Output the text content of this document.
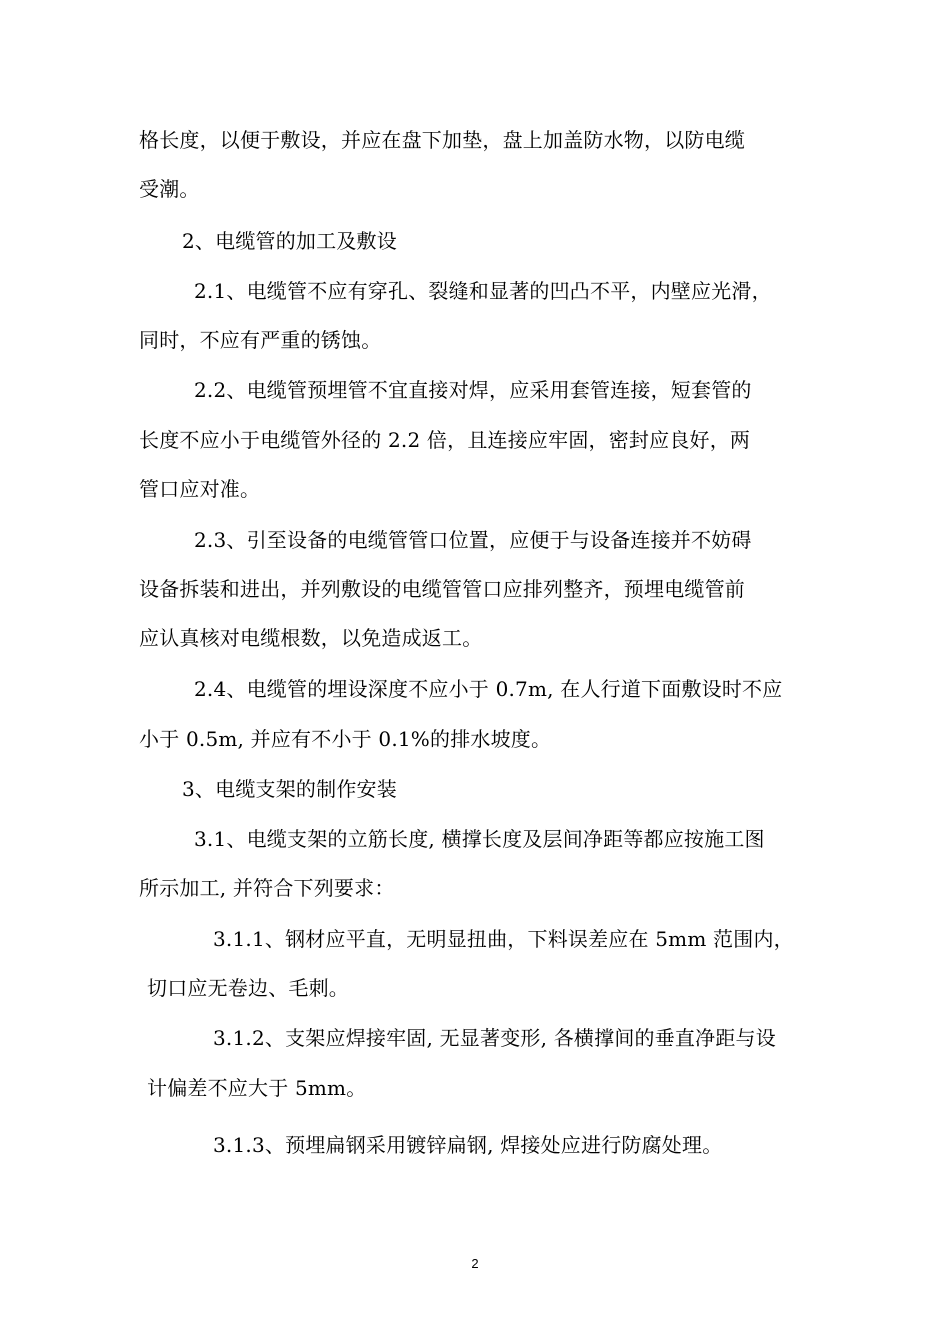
格长度，以便于敷设，并应在盘下加垫，盘上加盖防水物，以防电缆
受潮。
2、电缆管的加工及敷设
2.1、电缆管不应有穿孔、裂缝和显著的凹凸不平，内壁应光滑，
同时，不应有严重的锈蚀。
2.2、电缆管预埋管不宜直接对焊，应采用套管连接，短套管的
长度不应小于电缆管外径的 2.2 倍，且连接应牢固，密封应良好，两
管口应对准。
2.3、引至设备的电缆管管口位置，应便于与设备连接并不妨碍
设备拆装和进出，并列敷设的电缆管管口应排列整齐，预埋电缆管前
应认真核对电缆根数，以免造成返工。
2.4、电缆管的埋设深度不应小于 0.7m, 在人行道下面敷设时不应
小于 0.5m, 并应有不小于 0.1%的排水坡度。
3、电缆支架的制作安装
3.1、电缆支架的立筋长度, 横撑长度及层间净距等都应按施工图
所示加工, 并符合下列要求：
3.1.1、钢材应平直，无明显扭曲，下料误差应在 5mm 范围内，
切口应无卷边、毛刺。
3.1.2、支架应焊接牢固, 无显著变形, 各横撑间的垂直净距与设
计偏差不应大于 5mm。
3.1.3、预埋扁钢采用镀锌扁钢, 焊接处应进行防腐处理。
2
